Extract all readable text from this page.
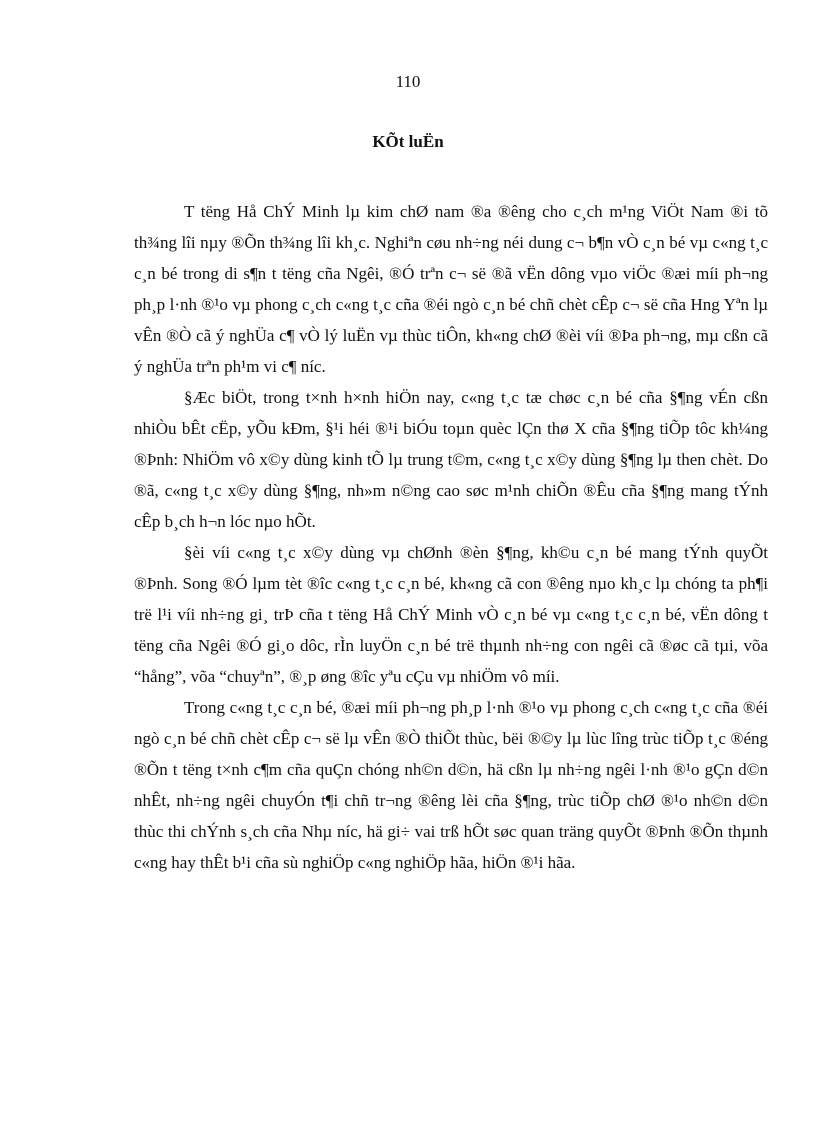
110
KÕt luËn

T tëng Hå ChÝ Minh lµ kim chØ nam ®a ®êng cho c¸ch m¹ng ViÖt Nam ®i tõ th¾ng lîi nµy ®Õn th¾ng lîi kh¸c. Nghiªn cøu nh÷ng néi dung c¬ b¶n vÒ c¸n bé vµ c«ng t¸c c¸n bé trong di s¶n t tëng cña Ngêi, ®Ó trªn c¬ së ®ã vËn dông vµo viÖc ®æi míi ph¬ng ph¸p l·nh ®¹o vµ phong c¸ch c«ng t¸c cña ®éi ngò c¸n bé chñ chèt cÊp c¬ së cña Hng Yªn lµ vÊn ®Ò cã ý nghÜa c¶ vÒ lý luËn vµ thùc tiÔn, kh«ng chØ ®èi víi ®Þa ph¬ng, mµ cßn cã ý nghÜa trªn ph¹m vi c¶ níc.

§Æc biÖt, trong t×nh h×nh hiÖn nay, c«ng t¸c tæ chøc c¸n bé cña §¶ng vÉn cßn nhiÒu bÊt cËp, yÕu kÐm, §¹i héi ®¹i biÓu toµn quèc lÇn thø X cña §¶ng tiÕp tôc kh¼ng ®Þnh: NhiÖm vô x©y dùng kinh tÕ lµ trung t©m, c«ng t¸c x©y dùng §¶ng lµ then chèt. Do ®ã, c«ng t¸c x©y dùng §¶ng, nh»m n©ng cao søc m¹nh chiÕn ®Êu cña §¶ng mang tÝnh cÊp b¸ch h¬n lóc nµo hÕt.

§èi víi c«ng t¸c x©y dùng vµ chØnh ®èn §¶ng, kh©u c¸n bé mang tÝnh quyÕt ®Þnh. Song ®Ó lµm tèt ®îc c«ng t¸c c¸n bé, kh«ng cã con ®êng nµo kh¸c lµ chóng ta ph¶i trë l¹i víi nh÷ng gi¸ trÞ cña t tëng Hå ChÝ Minh vÒ c¸n bé vµ c«ng t¸c c¸n bé, vËn dông t tëng cña Ngêi ®Ó gi¸o dôc, rÌn luyÖn c¸n bé trë thµnh nh÷ng con ngêi cã ®øc cã tµi, võa “hång”, võa “chuyªn”, ®¸p øng ®îc yªu cÇu vµ nhiÖm vô míi.

Trong c«ng t¸c c¸n bé, ®æi míi ph¬ng ph¸p l·nh ®¹o vµ phong c¸ch c«ng t¸c cña ®éi ngò c¸n bé chñ chèt cÊp c¬ së lµ vÊn ®Ò thiÕt thùc, bëi ®©y lµ lùc lîng trùc tiÕp t¸c ®éng ®Õn t tëng t×nh c¶m cña quÇn chóng nh©n d©n, hä cßn lµ nh÷ng ngêi l·nh ®¹o gÇn d©n nhÊt, nh÷ng ngêi chuyÓn t¶i chñ tr¬ng ®êng lèi cña §¶ng, trùc tiÕp chØ ®¹o nh©n d©n thùc thi chÝnh s¸ch cña Nhµ níc, hä gi÷ vai trß hÕt søc quan träng quyÕt ®Þnh ®Õn thµnh c«ng hay thÊt b¹i cña sù nghiÖp c«ng nghiÖp hãa, hiÖn ®¹i hãa.
